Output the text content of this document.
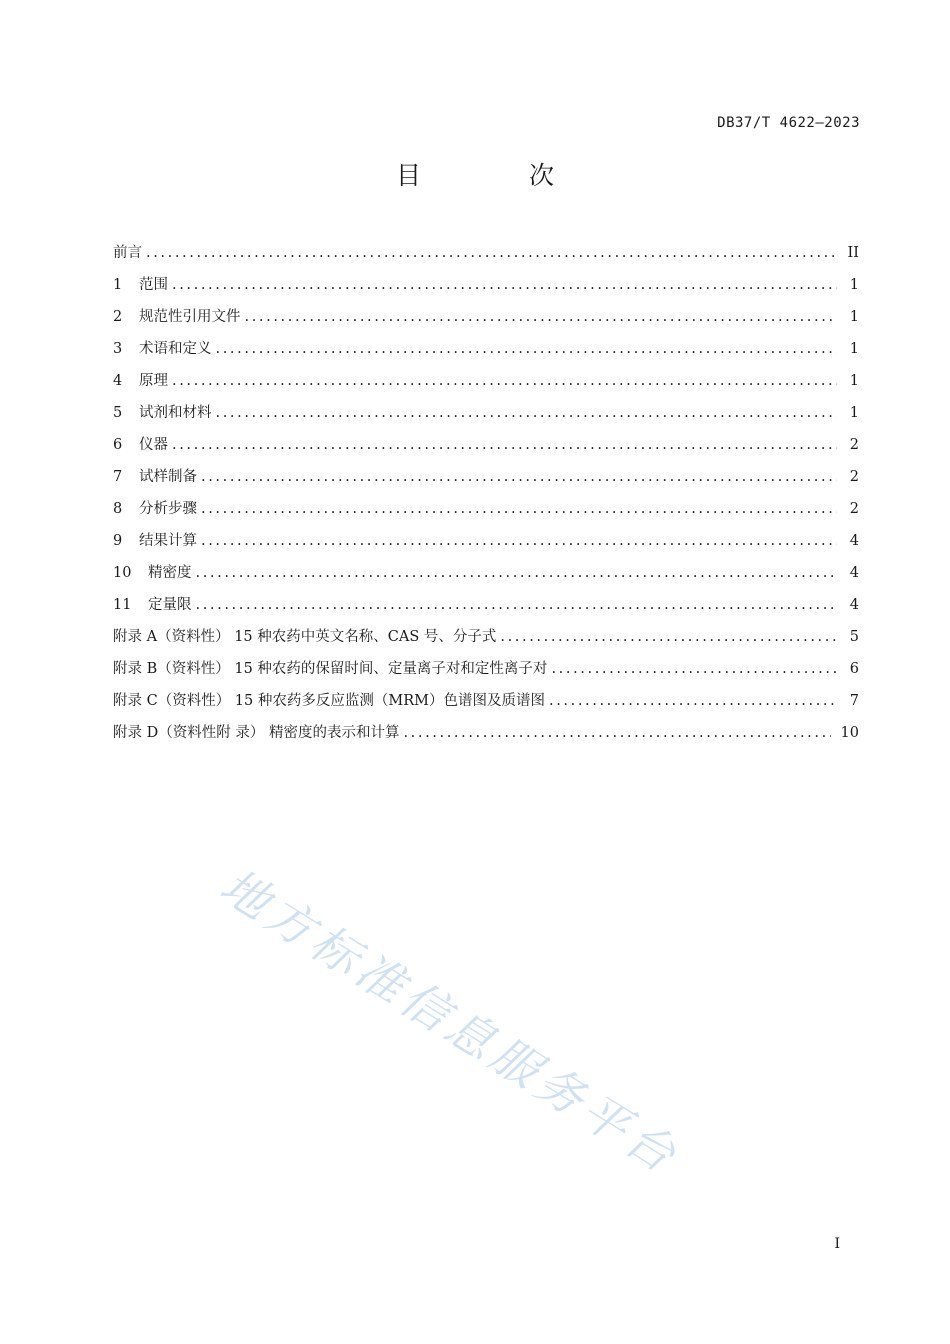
DB37/T 4622—2023
目 次
前言 .....	II
1 范围 .....	1
2 规范性引用文件 .....	1
3 术语和定义 .....	1
4 原理 .....	1
5 试剂和材料 .....	1
6 仪器 .....	2
7 试样制备 .....	2
8 分析步骤 .....	2
9 结果计算 .....	4
10 精密度 .....	4
11 定量限 .....	4
附录 A（资料性） 15 种农药中英文名称、CAS 号、分子式 .....	5
附录 B（资料性） 15 种农药的保留时间、定量离子对和定性离子对 .....	6
附录 C（资料性） 15 种农药多反应监测（MRM）色谱图及质谱图 .....	7
附录 D（资料性附 录） 精密度的表示和计算 .....	10
地方标准信息服务平台
I
